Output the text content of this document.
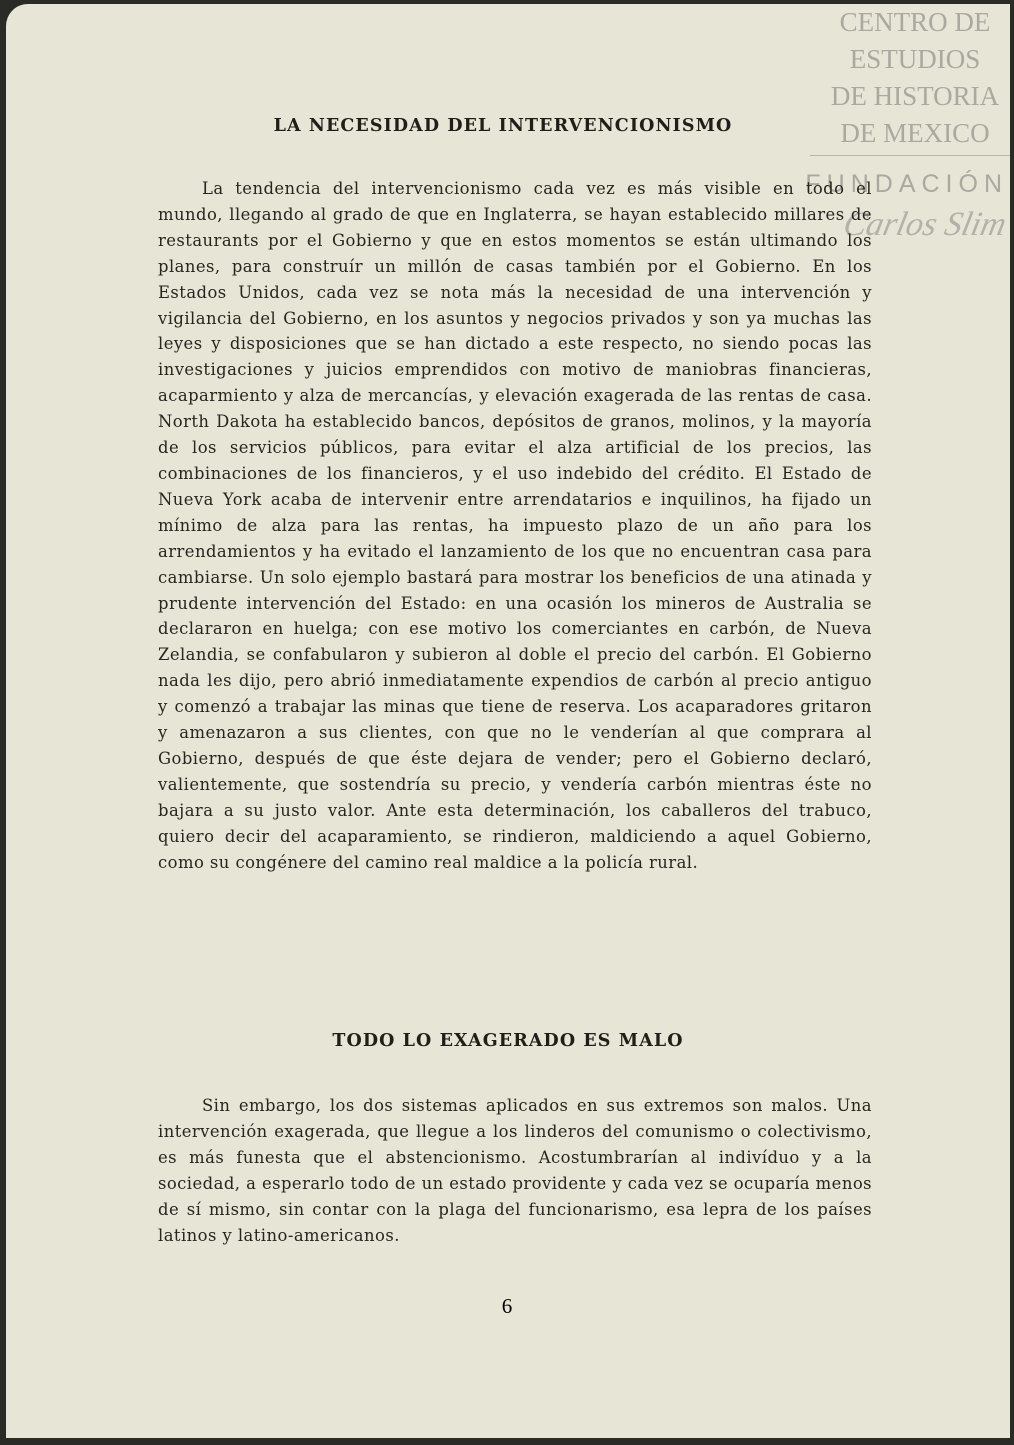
CENTRO DE
ESTUDIOS
DE HISTORIA
DE MEXICO
FUNDACIÓN
Carlos Slim
LA NECESIDAD DEL INTERVENCIONISMO

La tendencia del intervencionismo cada vez es más visible en todo el mundo, llegando al grado de que en Inglaterra, se hayan establecido millares de restaurants por el Gobierno y que en estos momentos se están ultimando los planes, para construír un millón de casas también por el Gobierno. En los Estados Unidos, cada vez se nota más la necesidad de una intervención y vigilancia del Gobierno, en los asuntos y negocios privados y son ya muchas las leyes y disposiciones que se han dictado a este respecto, no siendo pocas las investigaciones y juicios emprendidos con motivo de maniobras financieras, acaparmiento y alza de mercancías, y elevación exagerada de las rentas de casa. North Dakota ha establecido bancos, depósitos de granos, molinos, y la mayoría de los servicios públicos, para evitar el alza artificial de los precios, las combinaciones de los financieros, y el uso indebido del crédito. El Estado de Nueva York acaba de intervenir entre arrendatarios e inquilinos, ha fijado un mínimo de alza para las rentas, ha impuesto plazo de un año para los arrendamientos y ha evitado el lanzamiento de los que no encuentran casa para cambiarse. Un solo ejemplo bastará para mostrar los beneficios de una atinada y prudente intervención del Estado: en una ocasión los mineros de Australia se declararon en huelga; con ese motivo los comerciantes en carbón, de Nueva Zelandia, se confabularon y subieron al doble el precio del carbón. El Gobierno nada les dijo, pero abrió inmediatamente expendios de carbón al precio antiguo y comenzó a trabajar las minas que tiene de reserva. Los acaparadores gritaron y amenazaron a sus clientes, con que no le venderían al que comprara al Gobierno, después de que éste dejara de vender; pero el Gobierno declaró, valientemente, que sostendría su precio, y vendería carbón mientras éste no bajara a su justo valor. Ante esta determinación, los caballeros del trabuco, quiero decir del acaparamiento, se rindieron, maldiciendo a aquel Gobierno, como su congénere del camino real maldice a la policía rural.

TODO LO EXAGERADO ES MALO

Sin embargo, los dos sistemas aplicados en sus extremos son malos. Una intervención exagerada, que llegue a los linderos del comunismo o colectivismo, es más funesta que el abstencionismo. Acostumbrarían al indivíduo y a la sociedad, a esperarlo todo de un estado providente y cada vez se ocuparía menos de sí mismo, sin contar con la plaga del funcionarismo, esa lepra de los países latinos y latino-americanos.

6
